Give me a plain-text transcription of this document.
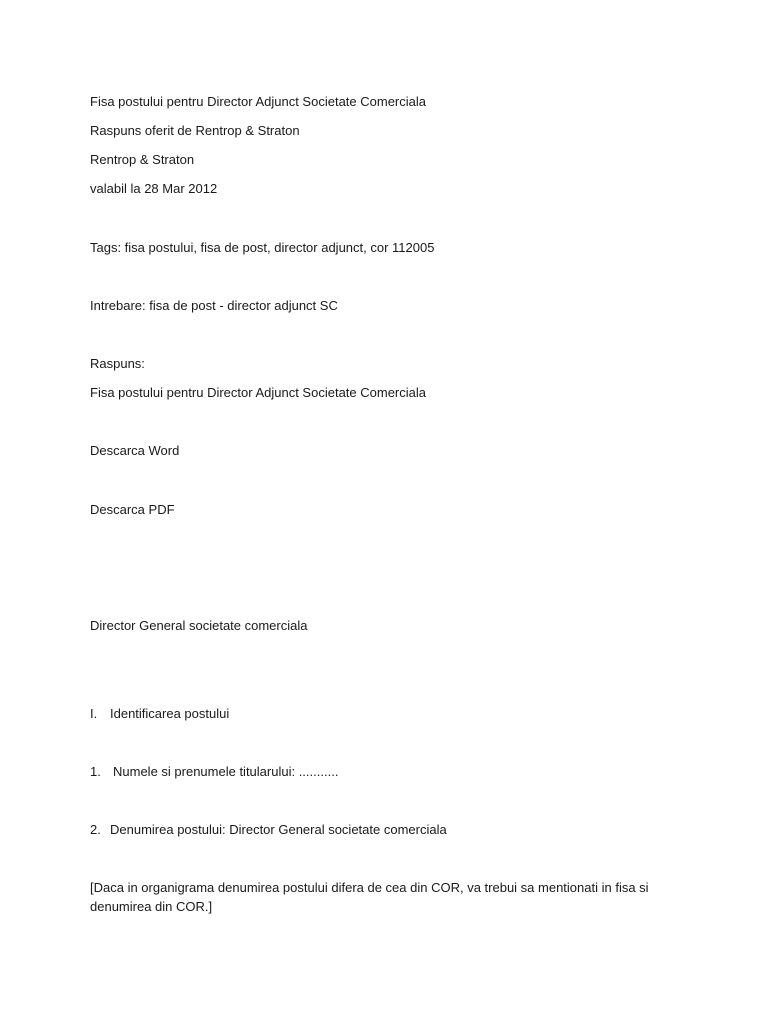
Fisa postului pentru Director Adjunct Societate Comerciala
Raspuns oferit de Rentrop & Straton
Rentrop & Straton
valabil la 28 Mar 2012
Tags: fisa postului, fisa de post, director adjunct, cor 112005
Intrebare: fisa de post - director adjunct SC
Raspuns:
Fisa postului pentru Director Adjunct Societate Comerciala
Descarca Word
Descarca PDF
Director General societate comerciala
I. Identificarea postului
1. Numele si prenumele titularului: ...........
2. Denumirea postului: Director General societate comerciala
[Daca in organigrama denumirea postului difera de cea din COR, va trebui sa mentionati in fisa si denumirea din COR.]
